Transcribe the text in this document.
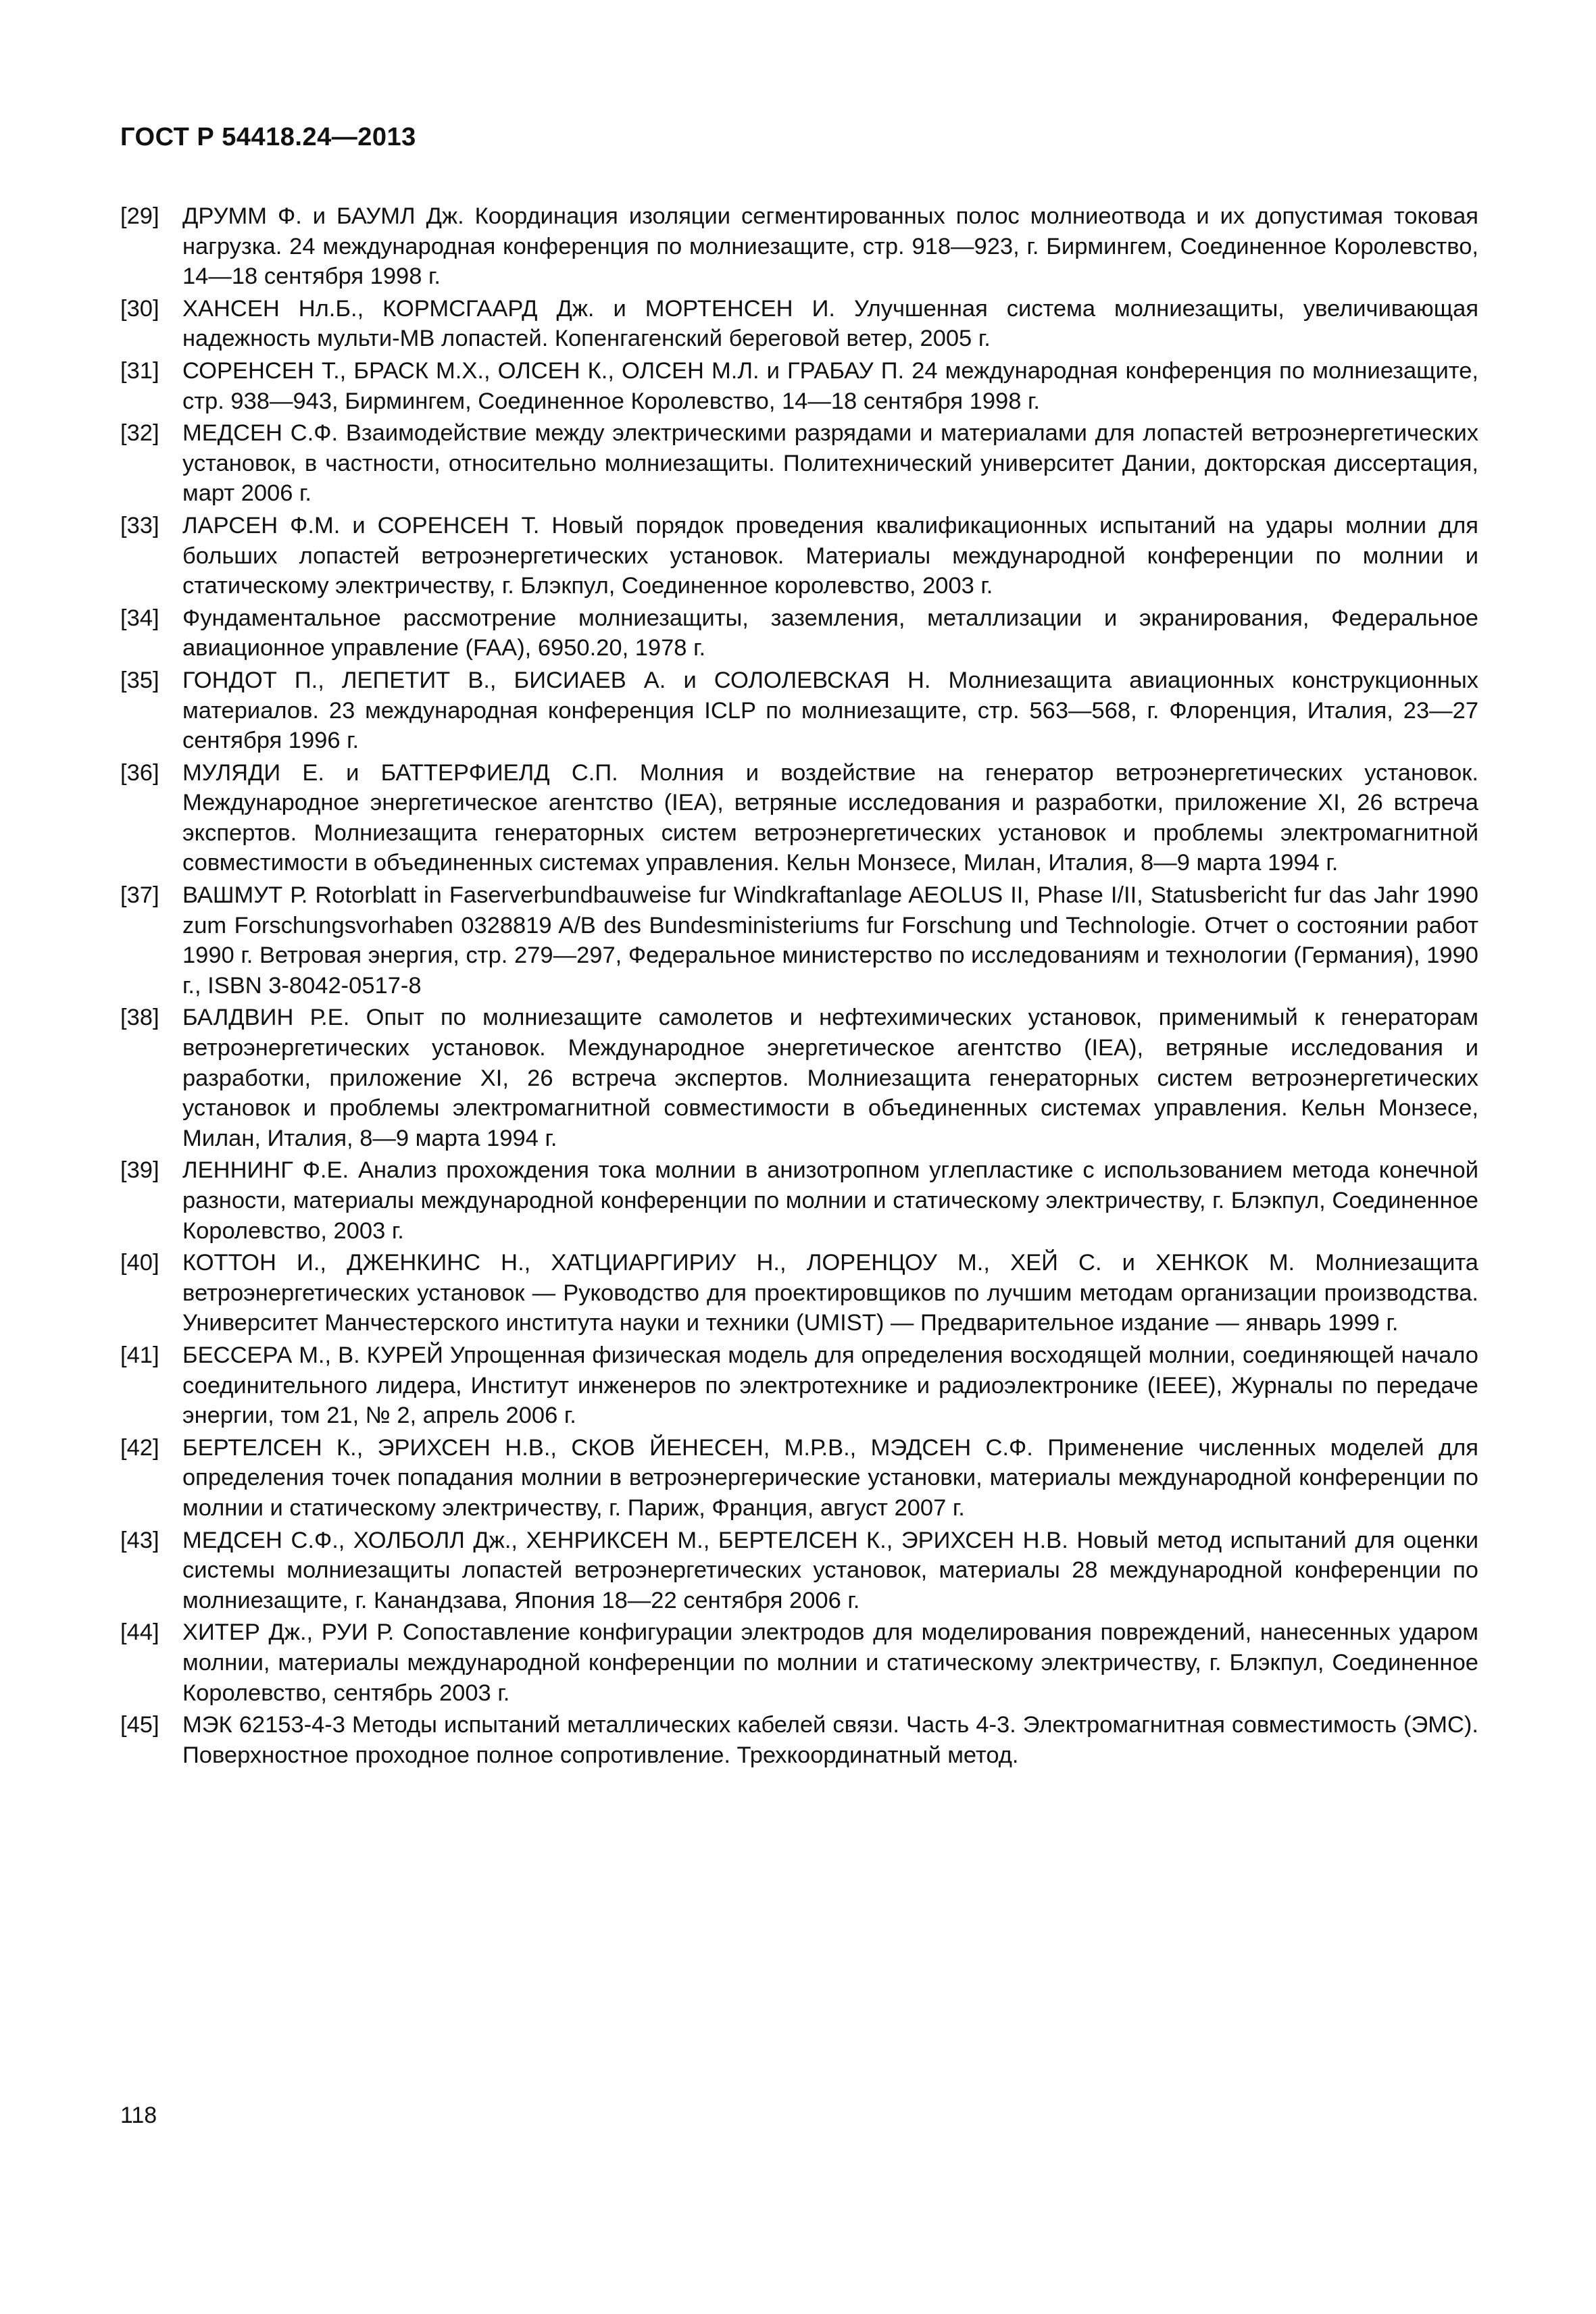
ГОСТ Р 54418.24—2013
[29] ДРУММ Ф. и БАУМЛ Дж. Координация изоляции сегментированных полос молниеотвода и их допустимая токовая нагрузка. 24 международная конференция по молниезащите, стр. 918—923, г. Бирмингем, Соединенное Королевство, 14—18 сентября 1998 г.
[30] ХАНСЕН Нл.Б., КОРМСГААРД Дж. и МОРТЕНСЕН И. Улучшенная система молниезащиты, увеличивающая надежность мульти-МВ лопастей. Копенгагенский береговой ветер, 2005 г.
[31] СОРЕНСЕН Т., БРАСК М.Х., ОЛСЕН К., ОЛСЕН М.Л. и ГРАБАУ П. 24 международная конференция по молниезащите, стр. 938—943, Бирмингем, Соединенное Королевство, 14—18 сентября 1998 г.
[32] МЕДСЕН С.Ф. Взаимодействие между электрическими разрядами и материалами для лопастей ветроэнергетических установок, в частности, относительно молниезащиты. Политехнический университет Дании, докторская диссертация, март 2006 г.
[33] ЛАРСЕН Ф.М. и СОРЕНСЕН Т. Новый порядок проведения квалификационных испытаний на удары молнии для больших лопастей ветроэнергетических установок. Материалы международной конференции по молнии и статическому электричеству, г. Блэкпул, Соединенное королевство, 2003 г.
[34] Фундаментальное рассмотрение молниезащиты, заземления, металлизации и экранирования, Федеральное авиационное управление (FAA), 6950.20, 1978 г.
[35] ГОНДОТ П., ЛЕПЕТИТ В., БИСИАЕВ А. и СОЛОЛЕВСКАЯ Н. Молниезащита авиационных конструкционных материалов. 23 международная конференция ICLP по молниезащите, стр. 563—568, г. Флоренция, Италия, 23—27 сентября 1996 г.
[36] МУЛЯДИ Е. и БАТТЕРФИЕЛД С.П. Молния и воздействие на генератор ветроэнергетических установок. Международное энергетическое агентство (IEA), ветряные исследования и разработки, приложение XI, 26 встреча экспертов. Молниезащита генераторных систем ветроэнергетических установок и проблемы электромагнитной совместимости в объединенных системах управления. Кельн Монзесе, Милан, Италия, 8—9 марта 1994 г.
[37] ВАШМУТ Р. Rotorblatt in Faserverbundbauweise fur Windkraftanlage AEOLUS II, Phase I/II, Statusbericht fur das Jahr 1990 zum Forschungsvorhaben 0328819 A/B des Bundesministeriums fur Forschung und Technologie. Отчет о состоянии работ 1990 г. Ветровая энергия, стр. 279—297, Федеральное министерство по исследованиям и технологии (Германия), 1990 г., ISBN 3-8042-0517-8
[38] БАЛДВИН Р.Е. Опыт по молниезащите самолетов и нефтехимических установок, применимый к генераторам ветроэнергетических установок. Международное энергетическое агентство (IEA), ветряные исследования и разработки, приложение XI, 26 встреча экспертов. Молниезащита генераторных систем ветроэнергетических установок и проблемы электромагнитной совместимости в объединенных системах управления. Кельн Монзесе, Милан, Италия, 8—9 марта 1994 г.
[39] ЛЕННИНГ Ф.Е. Анализ прохождения тока молнии в анизотропном углепластике с использованием метода конечной разности, материалы международной конференции по молнии и статическому электричеству, г. Блэкпул, Соединенное Королевство, 2003 г.
[40] КОТТОН И., ДЖЕНКИНС Н., ХАТЦИАРГИРИУ Н., ЛОРЕНЦОУ М., ХЕЙ С. и ХЕНКОК М. Молниезащита ветроэнергетических установок — Руководство для проектировщиков по лучшим методам организации производства. Университет Манчестерского института науки и техники (UMIST) — Предварительное издание — январь 1999 г.
[41] БЕССЕРА М., В. КУРЕЙ Упрощенная физическая модель для определения восходящей молнии, соединяющей начало соединительного лидера, Институт инженеров по электротехнике и радиоэлектронике (IEEE), Журналы по передаче энергии, том 21, № 2, апрель 2006 г.
[42] БЕРТЕЛСЕН К., ЭРИХСЕН Н.В., СКОВ ЙЕНЕСЕН, М.Р.В., МЭДСЕН С.Ф. Применение численных моделей для определения точек попадания молнии в ветроэнергерические установки, материалы международной конференции по молнии и статическому электричеству, г. Париж, Франция, август 2007 г.
[43] МЕДСЕН С.Ф., ХОЛБОЛЛ Дж., ХЕНРИКСЕН М., БЕРТЕЛСЕН К., ЭРИХСЕН Н.В. Новый метод испытаний для оценки системы молниезащиты лопастей ветроэнергетических установок, материалы 28 международной конференции по молниезащите, г. Канандзава, Япония 18—22 сентября 2006 г.
[44] ХИТЕР Дж., РУИ Р. Сопоставление конфигурации электродов для моделирования повреждений, нанесенных ударом молнии, материалы международной конференции по молнии и статическому электричеству, г. Блэкпул, Соединенное Королевство, сентябрь 2003 г.
[45] МЭК 62153-4-3 Методы испытаний металлических кабелей связи. Часть 4-3. Электромагнитная совместимость (ЭМС). Поверхностное проходное полное сопротивление. Трехкоординатный метод.
118
